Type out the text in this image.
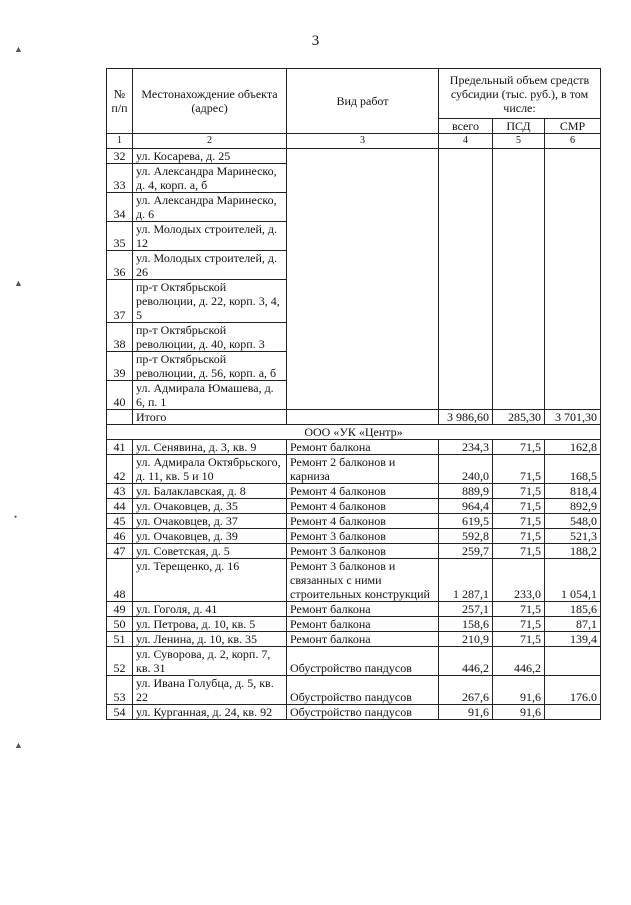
3
▲
▲
•
▲
№ п/п	Местонахождение объекта (адрес)	Вид работ	Предельный объем средств субсидии (тыс. руб.), в том числе:		
			всего	ПСД	СМР
1	2	3	4	5	6
32	ул. Косарева, д. 25				
33	ул. Александра Маринеско, д. 4, корп. а, б				
34	ул. Александра Маринеско, д. 6				
35	ул. Молодых строителей, д. 12				
36	ул. Молодых строителей, д. 26				
37	пр-т Октябрьской революции, д. 22, корп. 3, 4, 5				
38	пр-т Октябрьской революции, д. 40, корп. 3				
39	пр-т Октябрьской революции, д. 56, корп. а, б				
40	ул. Адмирала Юмашева, д. 6, п. 1				
	Итого		3 986,60	285,30	3 701,30
ООО «УК «Центр»					
41	ул. Сенявина, д. 3, кв. 9	Ремонт балкона	234,3	71,5	162,8
42	ул. Адмирала Октябрьского, д. 11, кв. 5 и 10	Ремонт 2 балконов и карниза	240,0	71,5	168,5
43	ул. Балаклавская, д. 8	Ремонт 4 балконов	889,9	71,5	818,4
44	ул. Очаковцев, д. 35	Ремонт 4 балконов	964,4	71,5	892,9
45	ул. Очаковцев, д. 37	Ремонт 4 балконов	619,5	71,5	548,0
46	ул. Очаковцев, д. 39	Ремонт 3 балконов	592,8	71,5	521,3
47	ул. Советская, д. 5	Ремонт 3 балконов	259,7	71,5	188,2
48	ул. Терещенко, д. 16	Ремонт 3 балконов и связанных с ними строительных конструкций	1 287,1	233,0	1 054,1
49	ул. Гоголя, д. 41	Ремонт балкона	257,1	71,5	185,6
50	ул. Петрова, д. 10, кв. 5	Ремонт балкона	158,6	71,5	87,1
51	ул. Ленина, д. 10, кв. 35	Ремонт балкона	210,9	71,5	139,4
52	ул. Суворова, д. 2, корп. 7, кв. 31	Обустройство пандусов	446,2	446,2	
53	ул. Ивана Голубца, д. 5, кв. 22	Обустройство пандусов	267,6	91,6	176.0
54	ул. Курганная, д. 24, кв. 92	Обустройство пандусов	91,6	91,6	
